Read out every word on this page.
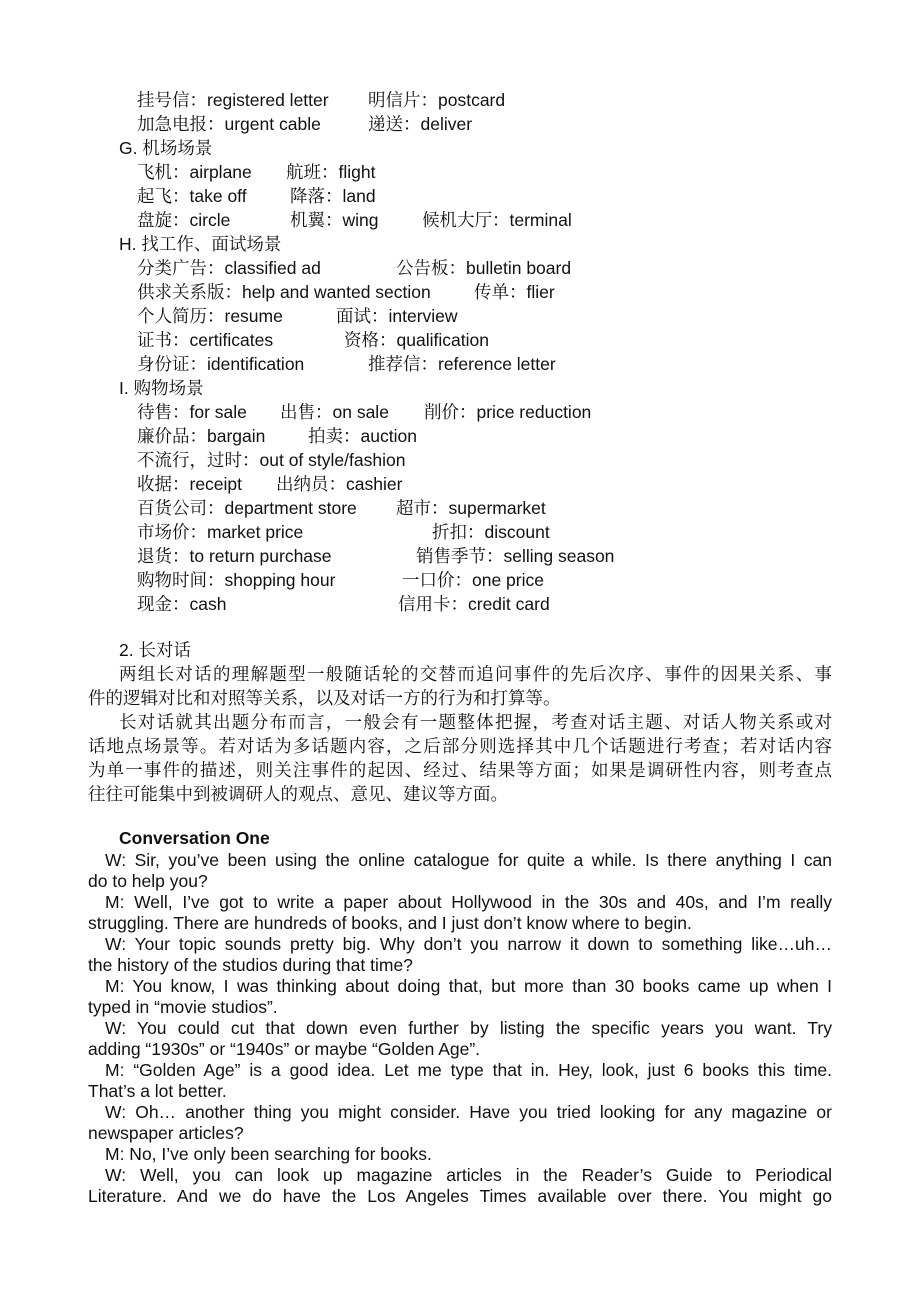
挂号信：registered letter 明信片：postcard
加急电报：urgent cable	递送：deliver
G. 机场场景
飞机：airplane 航班：flight
起飞：take off 降落：land
盘旋：circle	机翼：wing 候机大厅：terminal
H. 找工作、面试场景
分类广告：classified ad	公告板：bulletin board
供求关系版：help and wanted section 传单：flier
个人简历：resume	面试：interview
证书：certificates	资格：qualification
身份证：identification	推荐信：reference letter
I. 购物场景
待售：for sale 出售：on sale 削价：price reduction
廉价品：bargain 拍卖：auction
不流行，过时：out of style/fashion
收据：receipt 出纳员：cashier
百货公司：department store 超市：supermarket
市场价：market price	折扣：discount
退货：to return purchase	销售季节：selling season
购物时间：shopping hour	一口价：one price
现金：cash	信用卡：credit card
2. 长对话
两组长对话的理解题型一般随话轮的交替而追问事件的先后次序、事件的因果关系、事
件的逻辑对比和对照等关系，以及对话一方的行为和打算等。
长对话就其出题分布而言，一般会有一题整体把握，考查对话主题、对话人物关系或对
话地点场景等。若对话为多话题内容，之后部分则选择其中几个话题进行考查；若对话内容
为单一事件的描述，则关注事件的起因、经过、结果等方面；如果是调研性内容，则考查点
往往可能集中到被调研人的观点、意见、建议等方面。
Conversation One
W: Sir, you’ve been using the online catalogue for quite a while. Is there anything I can
do to help you?
M: Well, I’ve got to write a paper about Hollywood in the 30s and 40s, and I’m really
struggling. There are hundreds of books, and I just don’t know where to begin.
W: Your topic sounds pretty big. Why don’t you narrow it down to something like…uh…
the history of the studios during that time?
M: You know, I was thinking about doing that, but more than 30 books came up when I
typed in “movie studios”.
W: You could cut that down even further by listing the specific years you want. Try
adding “1930s” or “1940s” or maybe “Golden Age”.
M: “Golden Age” is a good idea. Let me type that in. Hey, look, just 6 books this time.
That’s a lot better.
W: Oh… another thing you might consider. Have you tried looking for any magazine or
newspaper articles?
M: No, I’ve only been searching for books.
W: Well, you can look up magazine articles in the Reader’s Guide to Periodical
Literature. And we do have the Los Angeles Times available over there. You might go
